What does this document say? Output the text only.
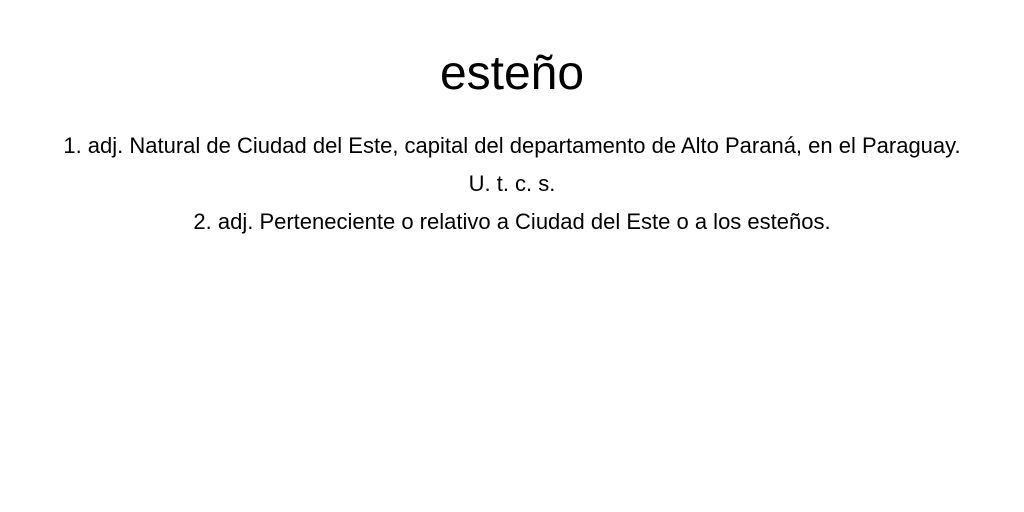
esteño
1. adj. Natural de Ciudad del Este, capital del departamento de Alto Paraná, en el Paraguay. U. t. c. s.
2. adj. Perteneciente o relativo a Ciudad del Este o a los esteños.
